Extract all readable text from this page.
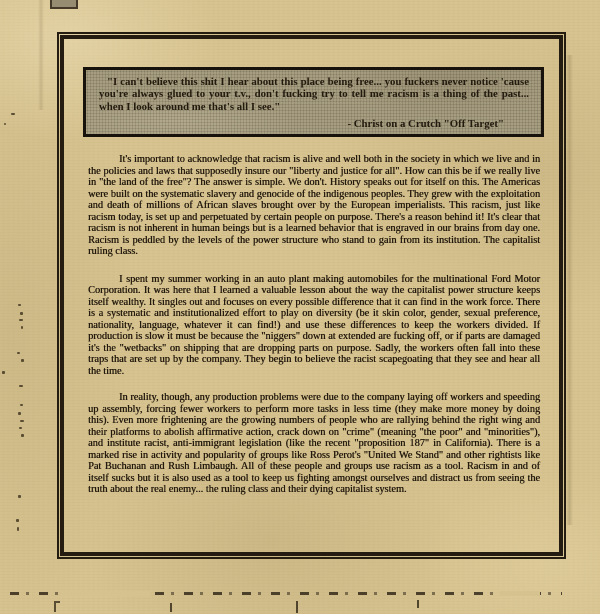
"I can't believe this shit I hear about this place being free... you fuckers never notice 'cause you're always glued to your t.v., don't fucking try to tell me racism is a thing of the past... when I look around me that's all I see."

- Christ on a Crutch "Off Target"

It's important to acknowledge that racism is alive and well both in the society in which we live and in the policies and laws that supposedly insure our "liberty and justice for all". How can this be if we really live in "the land of the free"? The answer is simple. We don't. History speaks out for itself on this. The Americas were built on the systematic slavery and genocide of the indigenous peoples. They grew with the exploitation and death of millions of African slaves brought over by the European imperialists. This racism, just like racism today, is set up and perpetuated by certain people on purpose. There's a reason behind it! It's clear that racism is not inherent in human beings but is a learned behavior that is engraved in our brains from day one. Racism is peddled by the levels of the power structure who stand to gain from its institution. The capitalist ruling class.

I spent my summer working in an auto plant making automobiles for the multinational Ford Motor Corporation. It was here that I learned a valuable lesson about the way the capitalist power structure keeps itself wealthy. It singles out and focuses on every possible difference that it can find in the work force. There is a systematic and institutionalized effort to play on diversity (be it skin color, gender, sexual preference, nationality, language, whatever it can find!) and use these differences to keep the workers divided. If production is slow it must be because the "niggers" down at extended are fucking off, or if parts are damaged it's the "wetbacks" on shipping that are dropping parts on purpose. Sadly, the workers often fall into these traps that are set up by the company. They begin to believe the racist scapegoating that they see and hear all the time.

In reality, though, any production problems were due to the company laying off workers and speeding up assembly, forcing fewer workers to perform more tasks in less time (they make more money by doing this). Even more frightening are the growing numbers of people who are rallying behind the right wing and their platforms to abolish affirmative action, crack down on "crime" (meaning "the poor" and "minorities"), and institute racist, anti-immigrant legislation (like the recent "proposition 187" in California). There is a marked rise in activity and popularity of groups like Ross Perot's "United We Stand" and other rightists like Pat Buchanan and Rush Limbaugh. All of these people and groups use racism as a tool. Racism in and of itself sucks but it is also used as a tool to keep us fighting amongst ourselves and distract us from seeing the truth about the real enemy... the ruling class and their dying capitalist system.
